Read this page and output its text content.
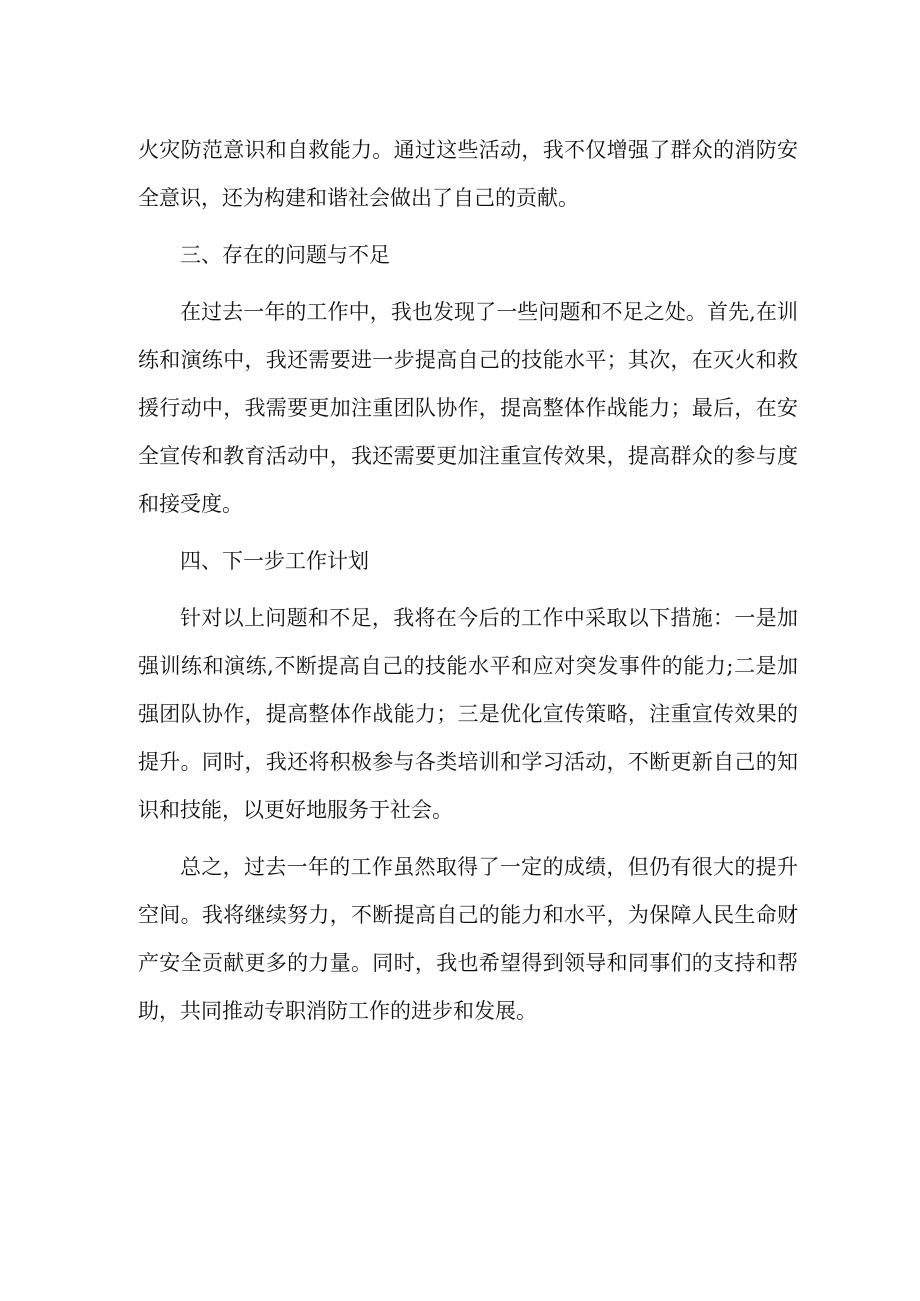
火灾防范意识和自救能力。通过这些活动，我不仅增强了群众的消防安全意识，还为构建和谐社会做出了自己的贡献。

三、存在的问题与不足

在过去一年的工作中，我也发现了一些问题和不足之处。首先,在训练和演练中，我还需要进一步提高自己的技能水平；其次，在灭火和救援行动中，我需要更加注重团队协作，提高整体作战能力；最后，在安全宣传和教育活动中，我还需要更加注重宣传效果，提高群众的参与度和接受度。

四、下一步工作计划

针对以上问题和不足，我将在今后的工作中采取以下措施：一是加强训练和演练,不断提高自己的技能水平和应对突发事件的能力;二是加强团队协作，提高整体作战能力；三是优化宣传策略，注重宣传效果的提升。同时，我还将积极参与各类培训和学习活动，不断更新自己的知识和技能，以更好地服务于社会。

总之，过去一年的工作虽然取得了一定的成绩，但仍有很大的提升空间。我将继续努力，不断提高自己的能力和水平，为保障人民生命财产安全贡献更多的力量。同时，我也希望得到领导和同事们的支持和帮助，共同推动专职消防工作的进步和发展。
